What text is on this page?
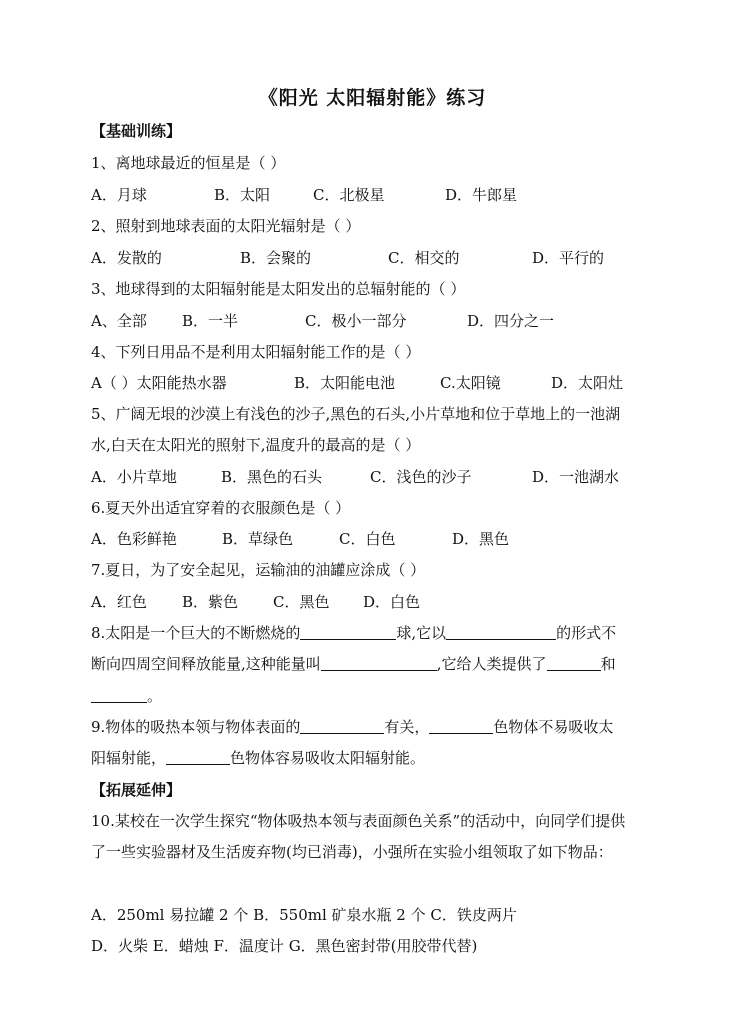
《阳光 太阳辐射能》练习
【基础训练】
1、离地球最近的恒星是（ ）
A．月球	B．太阳	C．北极星	D．牛郎星
2、照射到地球表面的太阳光辐射是（ ）
A．发散的	B．会聚的	C．相交的	D．平行的
3、地球得到的太阳辐射能是太阳发出的总辐射能的（ ）
A、全部 B．一半	C．极小一部分	D．四分之一
4、下列日用品不是利用太阳辐射能工作的是（ ）
A（ ）太阳能热水器	B．太阳能电池	C.太阳镜	D．太阳灶
5、广阔无垠的沙漠上有浅色的沙子,黑色的石头,小片草地和位于草地上的一池湖
水,白天在太阳光的照射下,温度升的最高的是（ ）
A．小片草地	B．黑色的石头	C．浅色的沙子	D．一池湖水
6.夏天外出适宜穿着的衣服颜色是（ ）
A．色彩鲜艳	B．草绿色	C．白色	D．黑色
7.夏日，为了安全起见，运输油的油罐应涂成（ ）
A．红色 B．紫色 C．黑色 D．白色
8.太阳是一个巨大的不断燃烧的	球,它以	的形式不
断向四周空间释放能量,这种能量叫	,它给人类提供了	和
。
9.物体的吸热本领与物体表面的	有关，	色物体不易吸收太
阳辐射能，	色物体容易吸收太阳辐射能。
【拓展延伸】
10.某校在一次学生探究“物体吸热本领与表面颜色关系”的活动中，向同学们提供
了一些实验器材及生活废弃物(均已消毒)，小强所在实验小组领取了如下物品：
A．250ml 易拉罐 2 个 B．550ml 矿泉水瓶 2 个 C．铁皮两片
D．火柴 E．蜡烛 F．温度计 G．黑色密封带(用胶带代替)
